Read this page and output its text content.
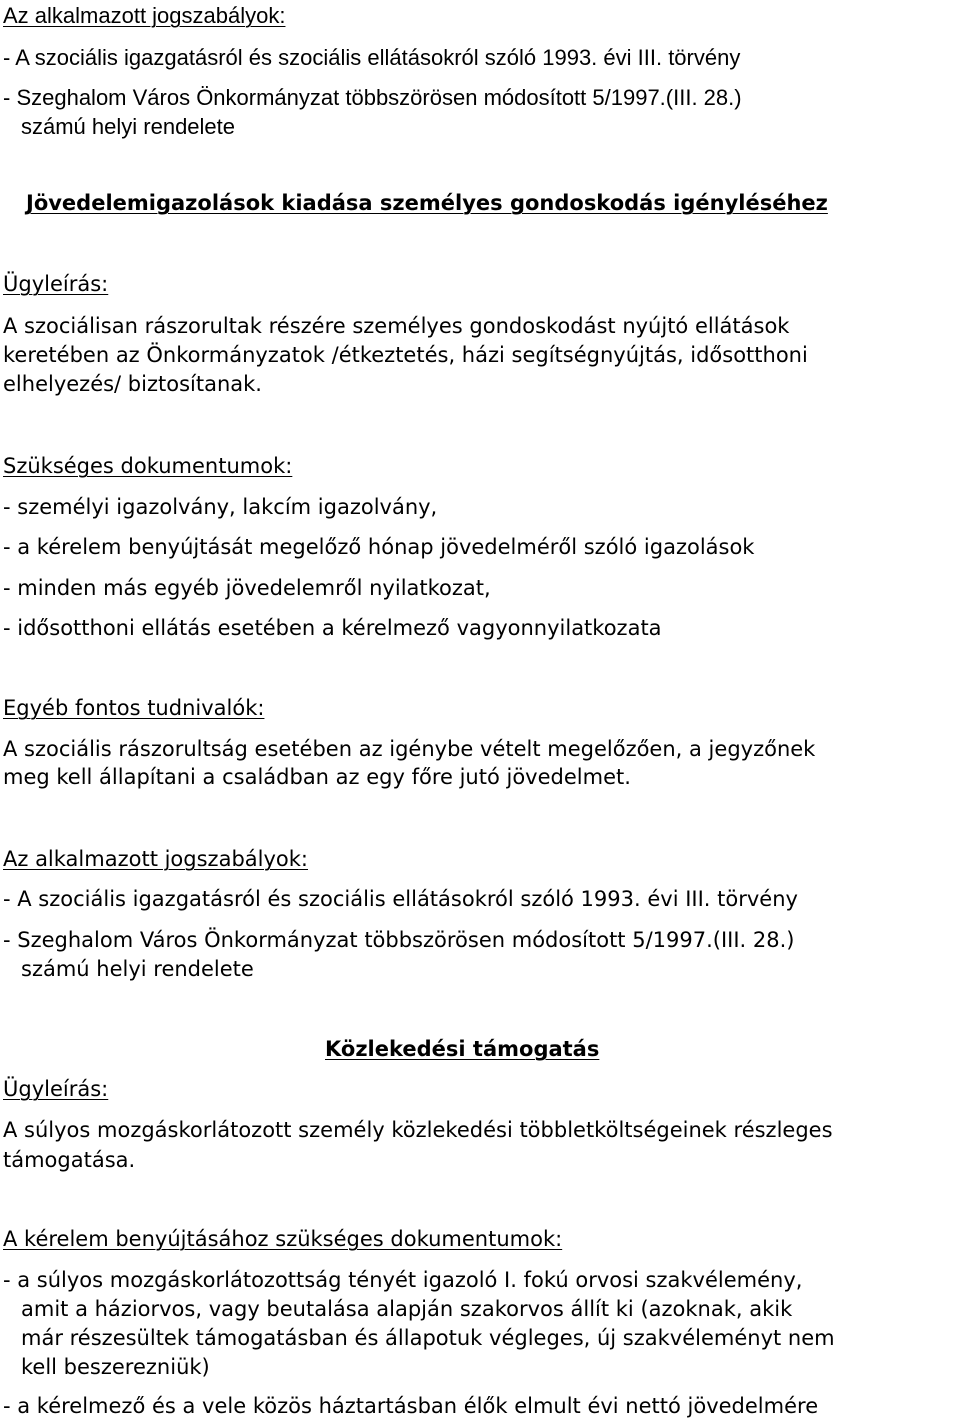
Az alkalmazott jogszabályok:
- A szociális igazgatásról és szociális ellátásokról szóló 1993. évi III. törvény
- Szeghalom Város Önkormányzat többszörösen módosított 5/1997.(III. 28.)
számú helyi rendelete
Jövedelemigazolások kiadása személyes gondoskodás igényléséhez
Ügyleírás:
A szociálisan rászorultak részére személyes gondoskodást nyújtó ellátások
keretében az Önkormányzatok /étkeztetés, házi segítségnyújtás, idősotthoni
elhelyezés/ biztosítanak.
Szükséges dokumentumok:
- személyi igazolvány, lakcím igazolvány,
- a kérelem benyújtását megelőző hónap jövedelméről szóló igazolások
- minden más egyéb jövedelemről nyilatkozat,
- idősotthoni ellátás esetében a kérelmező vagyonnyilatkozata
Egyéb fontos tudnivalók:
A szociális rászorultság esetében az igénybe vételt megelőzően, a jegyzőnek
meg kell állapítani a családban az egy főre jutó jövedelmet.
Az alkalmazott jogszabályok:
- A szociális igazgatásról és szociális ellátásokról szóló 1993. évi III. törvény
- Szeghalom Város Önkormányzat többszörösen módosított 5/1997.(III. 28.)
számú helyi rendelete
Közlekedési támogatás
Ügyleírás:
A súlyos mozgáskorlátozott személy közlekedési többletköltségeinek részleges
támogatása.
A kérelem benyújtásához szükséges dokumentumok:
- a súlyos mozgáskorlátozottság tényét igazoló I. fokú orvosi szakvélemény,
amit a háziorvos, vagy beutalása alapján szakorvos állít ki (azoknak, akik
már részesültek támogatásban és állapotuk végleges, új szakvéleményt nem
kell beszerezniük)
- a kérelmező és a vele közös háztartásban élők elmult évi nettó jövedelmére
